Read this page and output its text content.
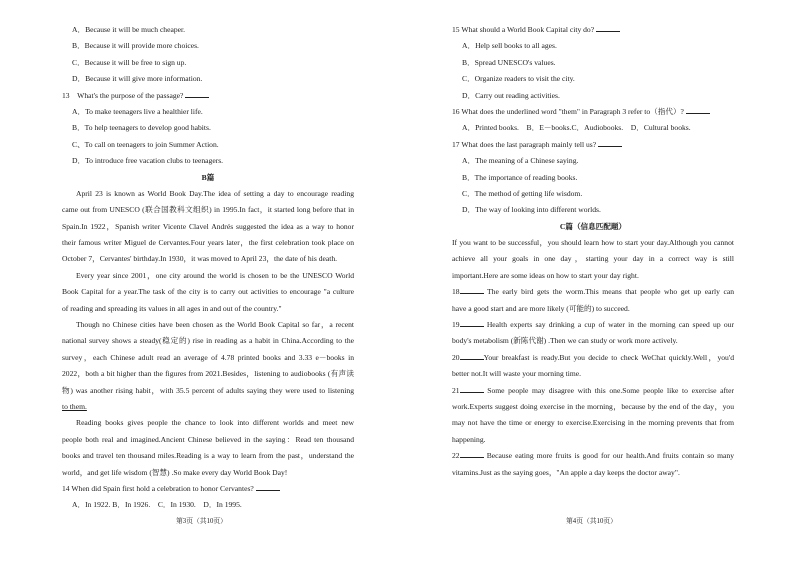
A．Because it will be much cheaper.
B．Because it will provide more choices.
C．Because it will be free to sign up.
D．Because it will give more information.
13　What's the purpose of the passage?
A．To make teenagers live a healthier life.
B．To help teenagers to develop good habits.
C、To call on teenagers to join Summer Action.
D．To introduce free vacation clubs to teenagers.
B篇
April 23 is known as World Book Day.The idea of setting a day to encourage reading
came out from UNESCO (联合国教科文组织) in 1995.In fact，it started long before that in
Spain.In 1922，Spanish writer Vicente Clavel Andrés suggested the idea as a way to honor
their famous writer Miguel de Cervantes.Four years later，the first celebration took place on
October 7，Cervantes' birthday.In 1930，it was moved to April 23，the date of his death.
Every year since 2001，one city around the world is chosen to be the UNESCO World
Book Capital for a year.The task of the city is to carry out activities to encourage "a culture
of reading and spreading its values in all ages in and out of the country."
Though no Chinese cities have been chosen as the World Book Capital so far，a recent
national survey shows a steady(稳定的) rise in reading as a habit in China.According to the
survey，each Chinese adult read an average of 4.78 printed books and 3.33 e－books in
2022，both a bit higher than the figures from 2021.Besides，listening to audiobooks (有声读
物) was another rising habit，with 35.5 percent of adults saying they were used to listening
to them.
Reading books gives people the chance to look into different worlds and meet new
people both real and imagined.Ancient Chinese believed in the saying：Read ten thousand
books and travel ten thousand miles.Reading is a way to learn from the past，understand the
world，and get life wisdom (智慧) .So make every day World Book Day!
14 When did Spain first hold a celebration to honor Cervantes?
A．In 1922. B．In 1926.　C．In 1930.　D．In 1995.
15 What should a World Book Capital city do?
A．Help sell books to all ages.
B．Spread UNESCO's values.
C．Organize readers to visit the city.
D．Carry out reading activities.
16 What does the underlined word "them" in Paragraph 3 refer to（指代）?
A．Printed books.　B．E－books.C．Audiobooks.　D．Cultural books.
17 What does the last paragraph mainly tell us?
A．The meaning of a Chinese saying.
B．The importance of reading books.
C．The method of getting life wisdom.
D．The way of looking into different worlds.
C篇（信息匹配题）
If you want to be successful，you should learn how to start your day.Although you cannot
achieve all your goals in one day，starting your day in a correct way is still
important.Here are some ideas on how to start your day right.
18	The early bird gets the worm.This means that people who get up early can
have a good start and are more likely (可能的) to succeed.
19	Health experts say drinking a cup of water in the morning can speed up our
body's metabolism (新陈代谢) .Then we can study or work more actively.
20	Your breakfast is ready.But you decide to check WeChat quickly.Well，you'd
better not.It will waste your morning time.
21	Some people may disagree with this one.Some people like to exercise after
work.Experts suggest doing exercise in the morning，because by the end of the day，you
may not have the time or energy to exercise.Exercising in the morning prevents that from
happening.
22	Because eating more fruits is good for our health.And fruits contain so many
vitamins.Just as the saying goes，"An apple a day keeps the doctor away".
第3页（共10页）	第4页（共10页）
